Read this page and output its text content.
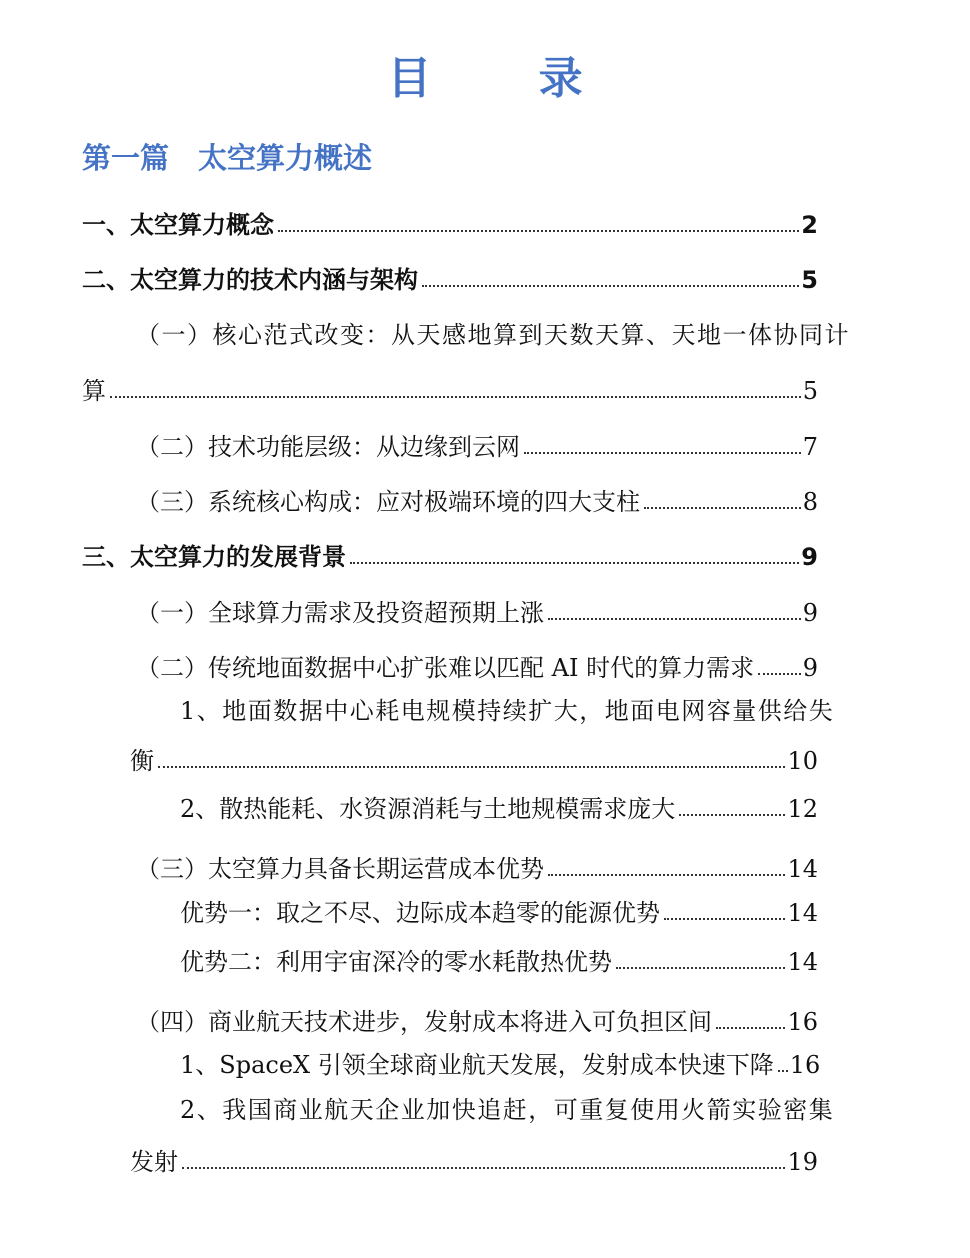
目 录
第一篇　太空算力概述
一、太空算力概念	2
二、太空算力的技术内涵与架构	5
（一）核心范式改变：从天感地算到天数天算、天地一体协同计
算	5
（二）技术功能层级：从边缘到云网	7
（三）系统核心构成：应对极端环境的四大支柱	8
三、太空算力的发展背景	9
（一）全球算力需求及投资超预期上涨	9
（二）传统地面数据中心扩张难以匹配 AI 时代的算力需求 9
1、地面数据中心耗电规模持续扩大，地面电网容量供给失
衡	10
2、散热能耗、水资源消耗与土地规模需求庞大	12
（三）太空算力具备长期运营成本优势	14
优势一：取之不尽、边际成本趋零的能源优势	14
优势二：利用宇宙深冷的零水耗散热优势	14
（四）商业航天技术进步，发射成本将进入可负担区间	16
1、SpaceX 引领全球商业航天发展，发射成本快速下降 16
2、我国商业航天企业加快追赶，可重复使用火箭实验密集
发射	19
